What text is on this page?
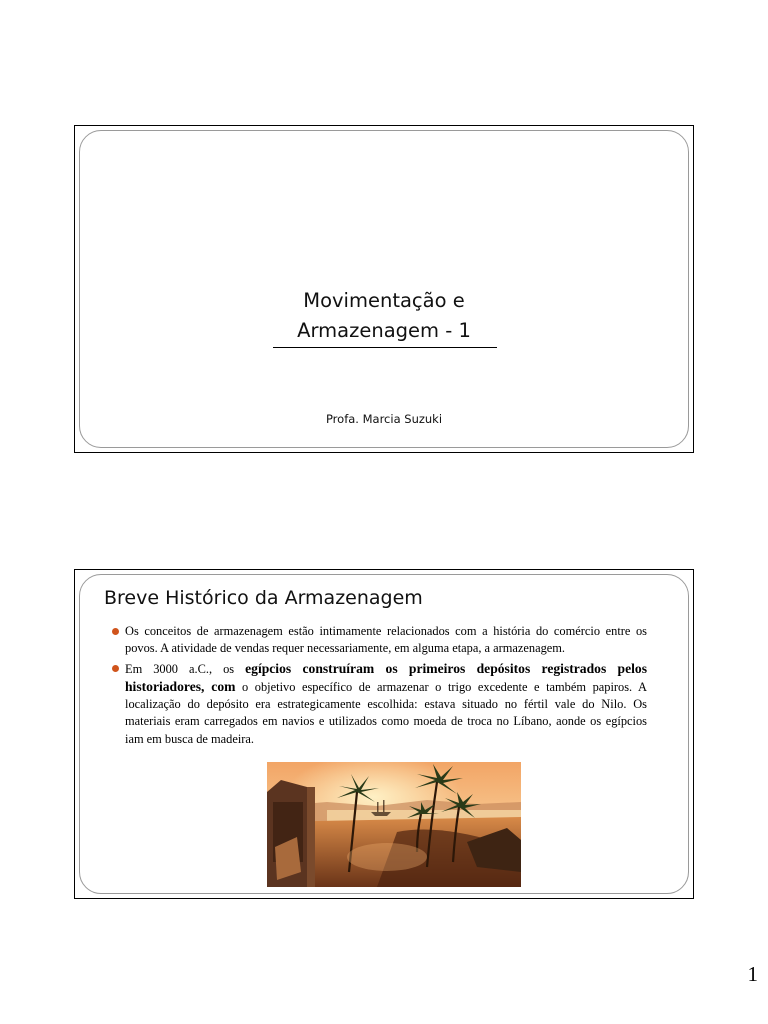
Movimentação e
Armazenagem - 1
Profa. Marcia Suzuki
Breve Histórico da Armazenagem
Os conceitos de armazenagem estão intimamente relacionados com a história do comércio entre os povos. A atividade de vendas requer necessariamente, em alguma etapa, a armazenagem.
Em 3000 a.C., os egípcios construíram os primeiros depósitos registrados pelos historiadores, com o objetivo específico de armazenar o trigo excedente e também papiros. A localização do depósito era estrategicamente escolhida: estava situado no fértil vale do Nilo. Os materiais eram carregados em navios e utilizados como moeda de troca no Líbano, aonde os egípcios iam em busca de madeira.
1
